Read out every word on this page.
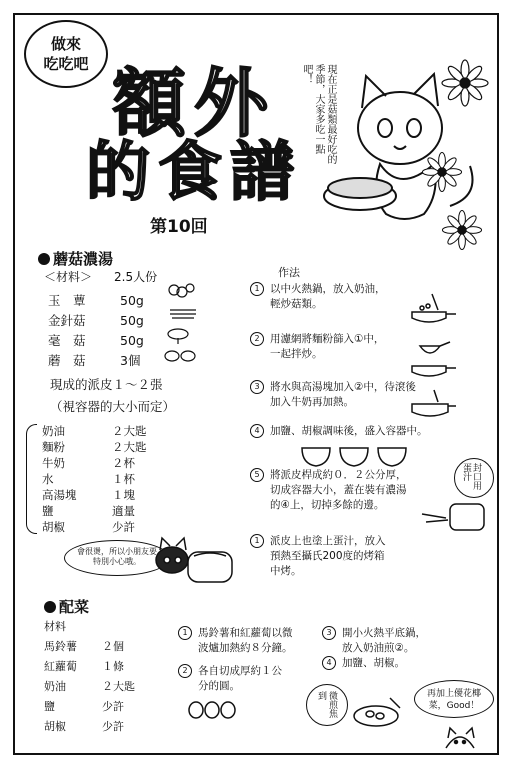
做來
吃吃吧 額外
的食譜
第10回
現在正是菇類最好吃的季節，大家多吃一點吧！
蘑菇濃湯
＜材料＞ 2.5人份
玉　蕈	50g
金針菇	50g
毫　菇	50g
蘑　菇	3個
現成的派皮１～２張
（視容器的大小而定）
奶油	２大匙
麵粉	２大匙
牛奶	２杯
水	１杯
高湯塊	１塊
鹽	適量
胡椒	少許
作法
1 以中火熱鍋，放入奶油，
輕炒菇類。
2 用濾網將麵粉篩入①中，
一起拌炒。
3 將水與高湯塊加入②中，待滾後
加入牛奶再加熱。
4 加鹽、胡椒調味後，盛入容器中。
5 將派皮桿成約０．２公分厚，
切成容器大小，蓋在裝有濃湯
的④上，切掉多餘的邊。
1 派皮上也塗上蛋汁，放入
預熱至攝氏200度的烤箱
中烤。
封口用蛋汁
會很燙，所以小朋友要特別小心哦。
配菜
材料
馬鈴薯 ２個
紅蘿蔔 １條
奶油	２大匙
鹽	少許
胡椒	少許
1 馬鈴薯和紅蘿蔔以微
波爐加熱約８分鐘。
2 各自切成厚約１公
分的圓。
3 開小火熱平底鍋，
放入奶油煎②。
4 加鹽、胡椒。
微煎焦到	再加上優花椰
菜，Good！
